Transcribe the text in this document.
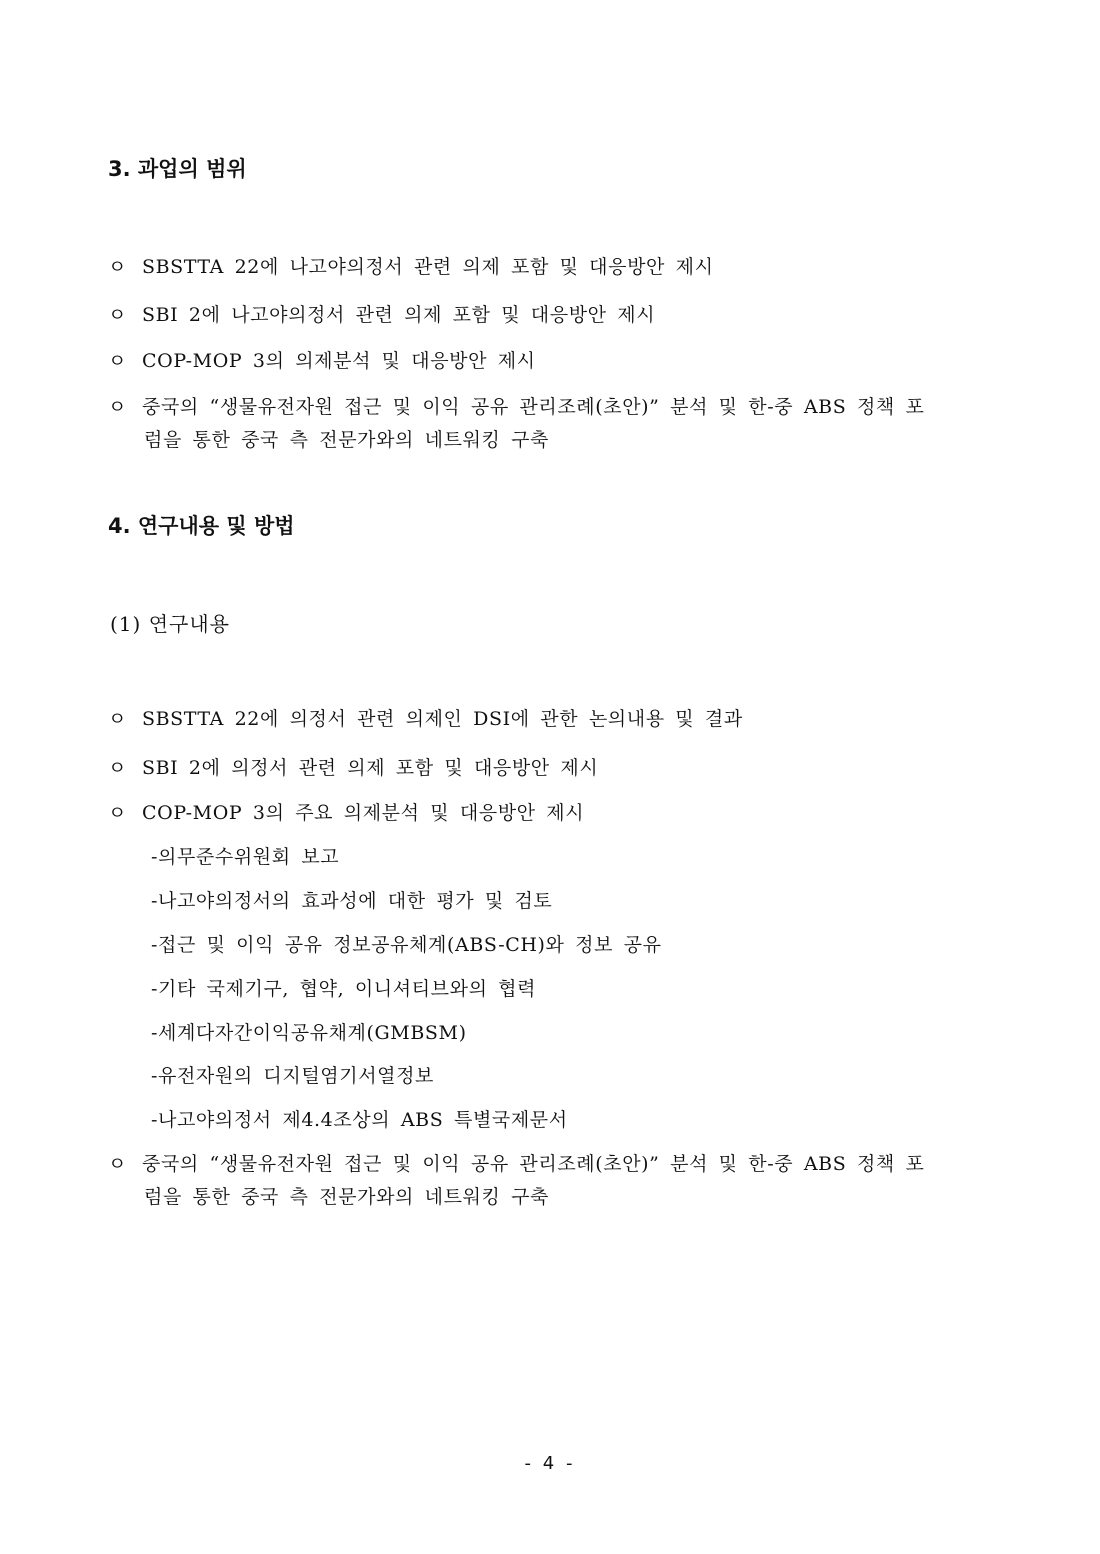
3. 과업의 범위
ㅇ SBSTTA 22에 나고야의정서 관련 의제 포함 및 대응방안 제시
ㅇ SBI 2에 나고야의정서 관련 의제 포함 및 대응방안 제시
ㅇ COP-MOP 3의 의제분석 및 대응방안 제시
ㅇ 중국의 “생물유전자원 접근 및 이익 공유 관리조례(초안)” 분석 및 한-중 ABS 정책 포
럼을 통한 중국 측 전문가와의 네트워킹 구축
4. 연구내용 및 방법
(1) 연구내용
ㅇ SBSTTA 22에 의정서 관련 의제인 DSI에 관한 논의내용 및 결과
ㅇ SBI 2에 의정서 관련 의제 포함 및 대응방안 제시
ㅇ COP-MOP 3의 주요 의제분석 및 대응방안 제시
-의무준수위원회 보고
-나고야의정서의 효과성에 대한 평가 및 검토
-접근 및 이익 공유 정보공유체계(ABS-CH)와 정보 공유
-기타 국제기구, 협약, 이니셔티브와의 협력
-세계다자간이익공유채계(GMBSM)
-유전자원의 디지털염기서열정보
-나고야의정서 제4.4조상의 ABS 특별국제문서
ㅇ 중국의 “생물유전자원 접근 및 이익 공유 관리조례(초안)” 분석 및 한-중 ABS 정책 포
럼을 통한 중국 측 전문가와의 네트워킹 구축
- 4 -
